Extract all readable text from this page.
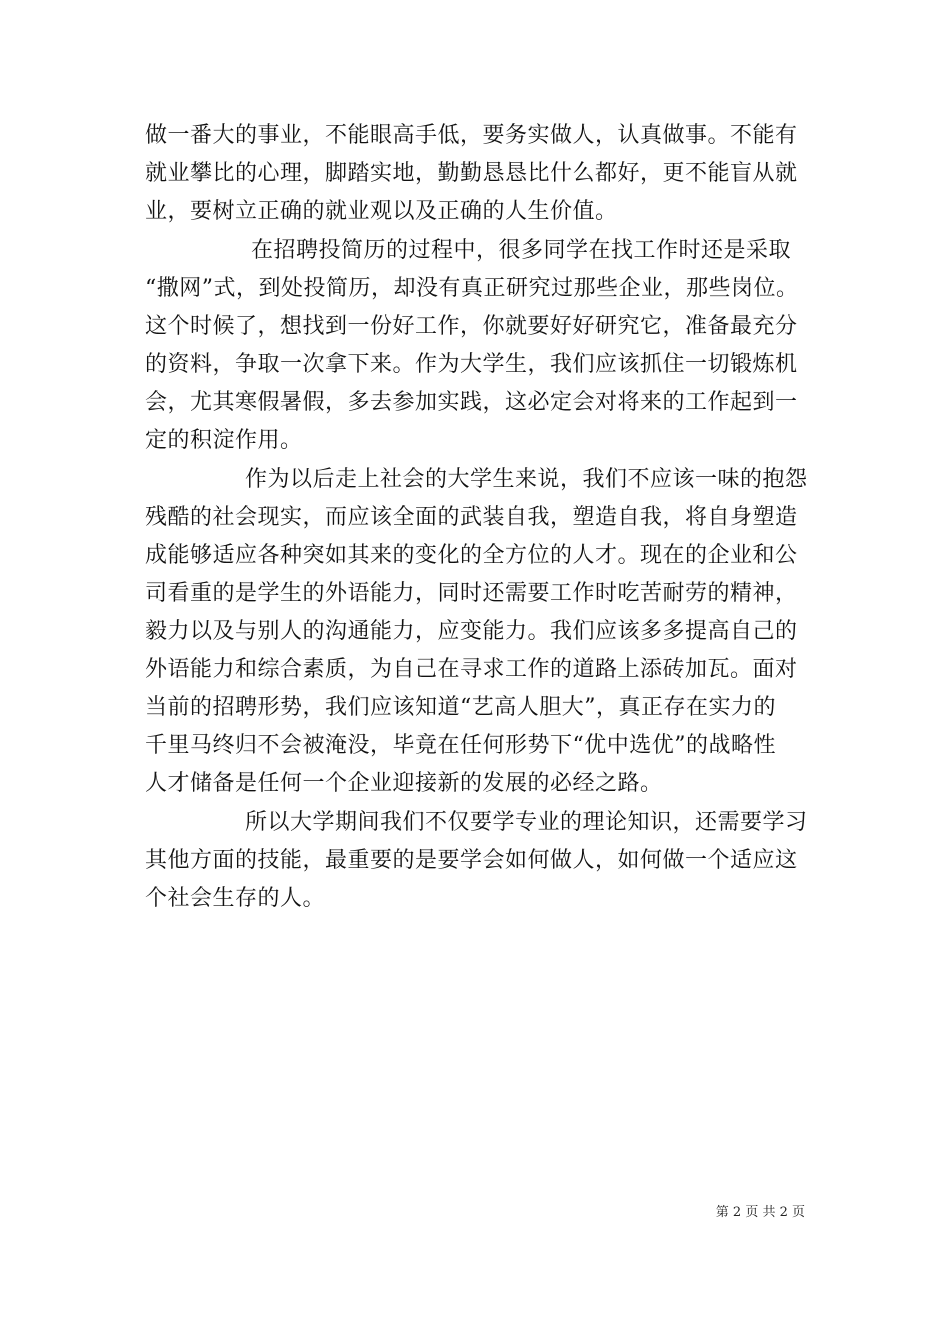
做一番大的事业，不能眼高手低，要务实做人，认真做事。不能有
就业攀比的心理，脚踏实地，勤勤恳恳比什么都好，更不能盲从就
业，要树立正确的就业观以及正确的人生价值。
在招聘投简历的过程中，很多同学在找工作时还是采取
“撒网”式，到处投简历，却没有真正研究过那些企业，那些岗位。
这个时候了，想找到一份好工作，你就要好好研究它，准备最充分
的资料，争取一次拿下来。作为大学生，我们应该抓住一切锻炼机
会，尤其寒假暑假，多去参加实践，这必定会对将来的工作起到一
定的积淀作用。
作为以后走上社会的大学生来说，我们不应该一味的抱怨
残酷的社会现实，而应该全面的武装自我，塑造自我，将自身塑造
成能够适应各种突如其来的变化的全方位的人才。现在的企业和公
司看重的是学生的外语能力，同时还需要工作时吃苦耐劳的精神，
毅力以及与别人的沟通能力，应变能力。我们应该多多提高自己的
外语能力和综合素质，为自己在寻求工作的道路上添砖加瓦。面对
当前的招聘形势，我们应该知道“艺高人胆大”，真正存在实力的
千里马终归不会被淹没，毕竟在任何形势下“优中选优”的战略性
人才储备是任何一个企业迎接新的发展的必经之路。
所以大学期间我们不仅要学专业的理论知识，还需要学习
其他方面的技能，最重要的是要学会如何做人，如何做一个适应这
个社会生存的人。
第 2 页 共 2 页
